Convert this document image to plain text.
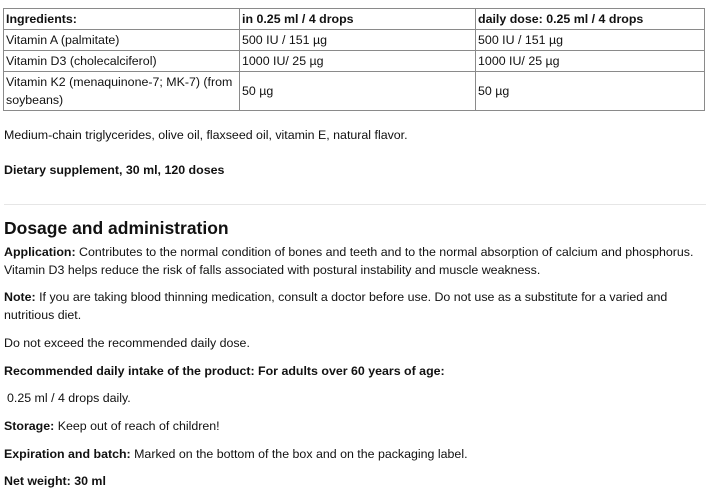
Ingredients:	in 0.25 ml / 4 drops	daily dose: 0.25 ml / 4 drops
Vitamin A (palmitate)	500 IU / 151 µg	500 IU / 151 µg
Vitamin D3 (cholecalciferol)	1000 IU/ 25 µg	1000 IU/ 25 µg
Vitamin K2 (menaquinone-7; MK-7) (from soybeans)	50 µg	50 µg

Medium-chain triglycerides, olive oil, flaxseed oil, vitamin E, natural flavor.

Dietary supplement, 30 ml, 120 doses

Dosage and administration

Application: Contributes to the normal condition of bones and teeth and to the normal absorption of calcium and phosphorus. Vitamin D3 helps reduce the risk of falls associated with postural instability and muscle weakness.

Note: If you are taking blood thinning medication, consult a doctor before use. Do not use as a substitute for a varied and nutritious diet.

Do not exceed the recommended daily dose.

Recommended daily intake of the product: For adults over 60 years of age:

0.25 ml / 4 drops daily.

Storage: Keep out of reach of children!

Expiration and batch: Marked on the bottom of the box and on the packaging label.

Net weight: 30 ml
